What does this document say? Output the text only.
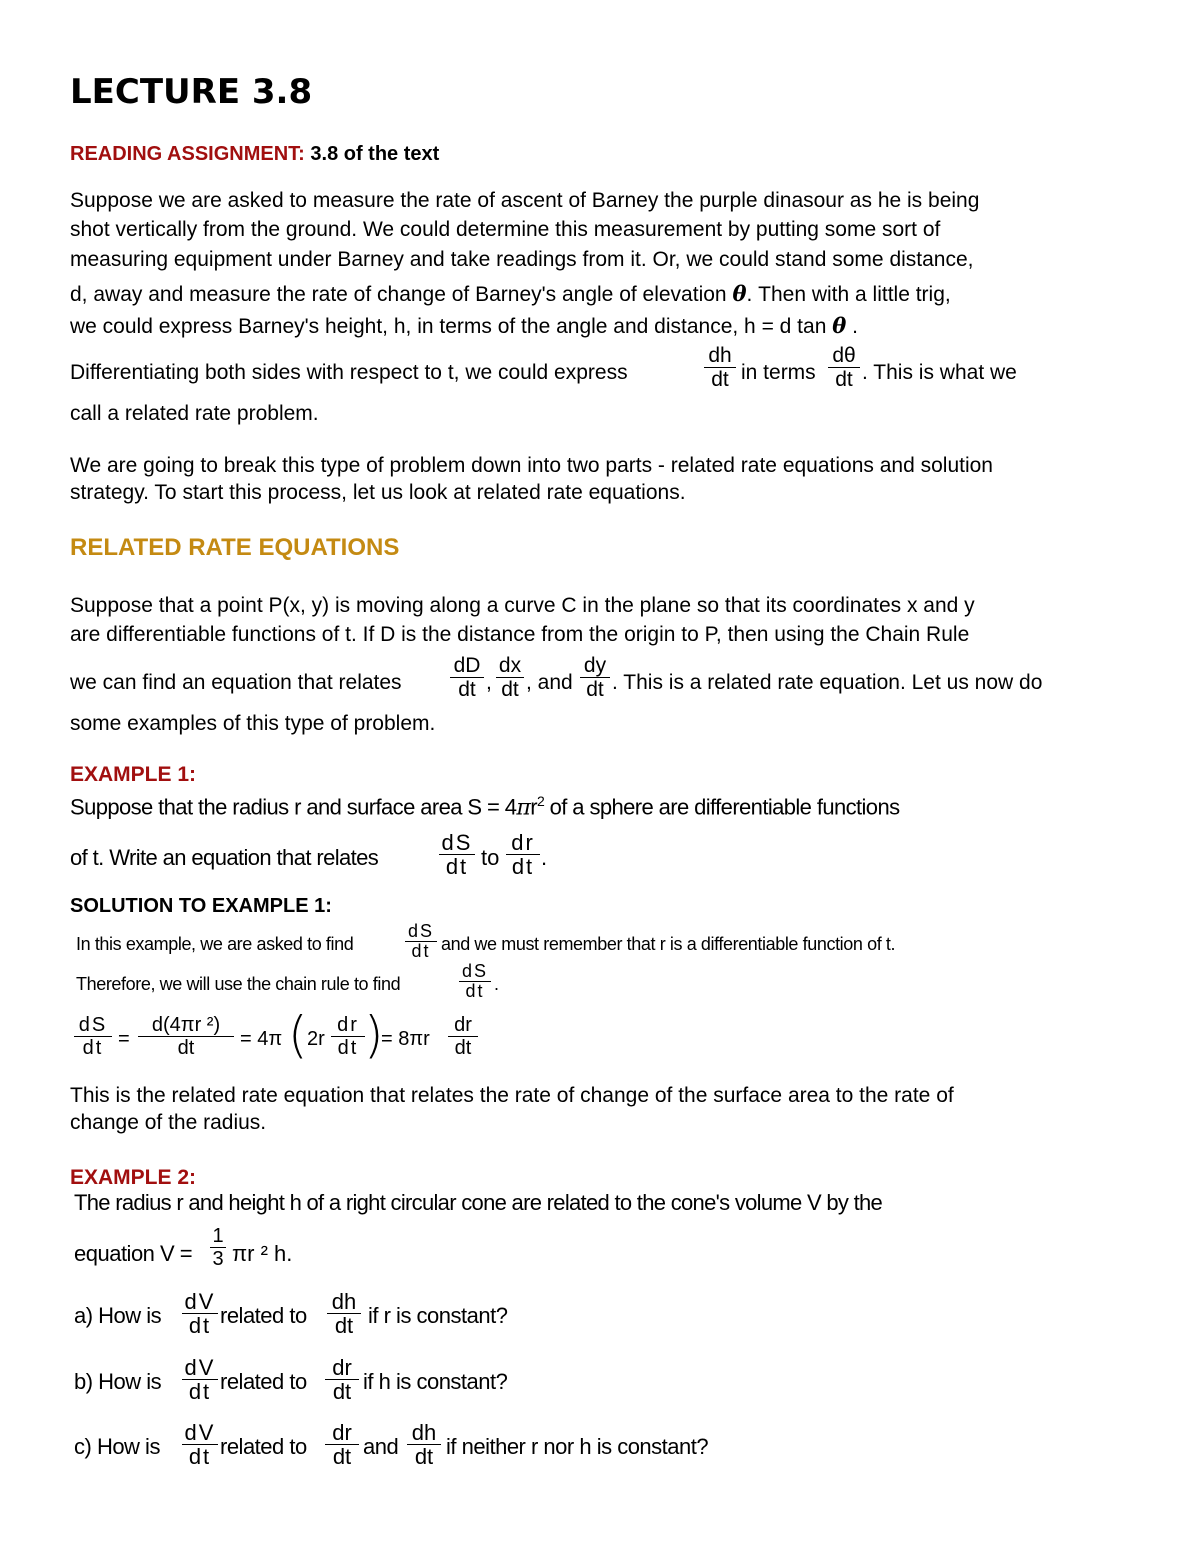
LECTURE 3.8
READING ASSIGNMENT: 3.8 of the text
Suppose we are asked to measure the rate of ascent of Barney the purple dinasour as he is being
shot vertically from the ground. We could determine this measurement by putting some sort of
measuring equipment under Barney and take readings from it. Or, we could stand some distance,
d, away and measure the rate of change of Barney's angle of elevation θ. Then with a little trig,
we could express Barney's height, h, in terms of the angle and distance, h = d tan θ .
Differentiating both sides with respect to t, we could express	$\frac{dh}{dt}$ in terms $\frac{d\theta}{dt}$ . This is what we
call a related rate problem.
We are going to break this type of problem down into two parts - related rate equations and solution
strategy. To start this process, let us look at related rate equations.
RELATED RATE EQUATIONS
Suppose that a point P(x, y) is moving along a curve C in the plane so that its coordinates x and y
are differentiable functions of t. If D is the distance from the origin to P, then using the Chain Rule
we can find an equation that relates $\frac{dD}{dt}$ , $\frac{dx}{dt}$ , and $\frac{dy}{dt}$ . This is a related rate equation. Let us now do
some examples of this type of problem.
EXAMPLE 1:
Suppose that the radius r and surface area $S = 4\pi r^2$ of a sphere are differentiable functions
of t. Write an equation that relates	$\frac{dS}{dt}$ to $\frac{dr}{dt}$ .
SOLUTION TO EXAMPLE 1:
In this example, we are asked to find	$\frac{dS}{dt}$ and we must remember that r is a differentiable function of t.
Therefore, we will use the chain rule to find	$\frac{dS}{dt}$ .
$\frac{dS}{dt} = \frac{\text{d(4πr ²)}}{dt} = 4\pi$ ( $2r \frac{dr}{dt}$ )
= $8\pi r \frac{dr}{dt}$
This is the related rate equation that relates the rate of change of the surface area to the rate of
change of the radius.
EXAMPLE 2:
The radius r and height h of a right circular cone are related to the cone's volume V by the
equation $V = \frac{1}{3}$ πr ² h.
a) How is $\frac{dV}{dt}$ related to $\frac{dh}{dt}$ if r is constant?
b) How is $\frac{dV}{dt}$ related to $\frac{dr}{dt}$ if h is constant?
c) How is $\frac{dV}{dt}$ related to $\frac{dr}{dt}$ and $\frac{dh}{dt}$ if neither r nor h is constant?
